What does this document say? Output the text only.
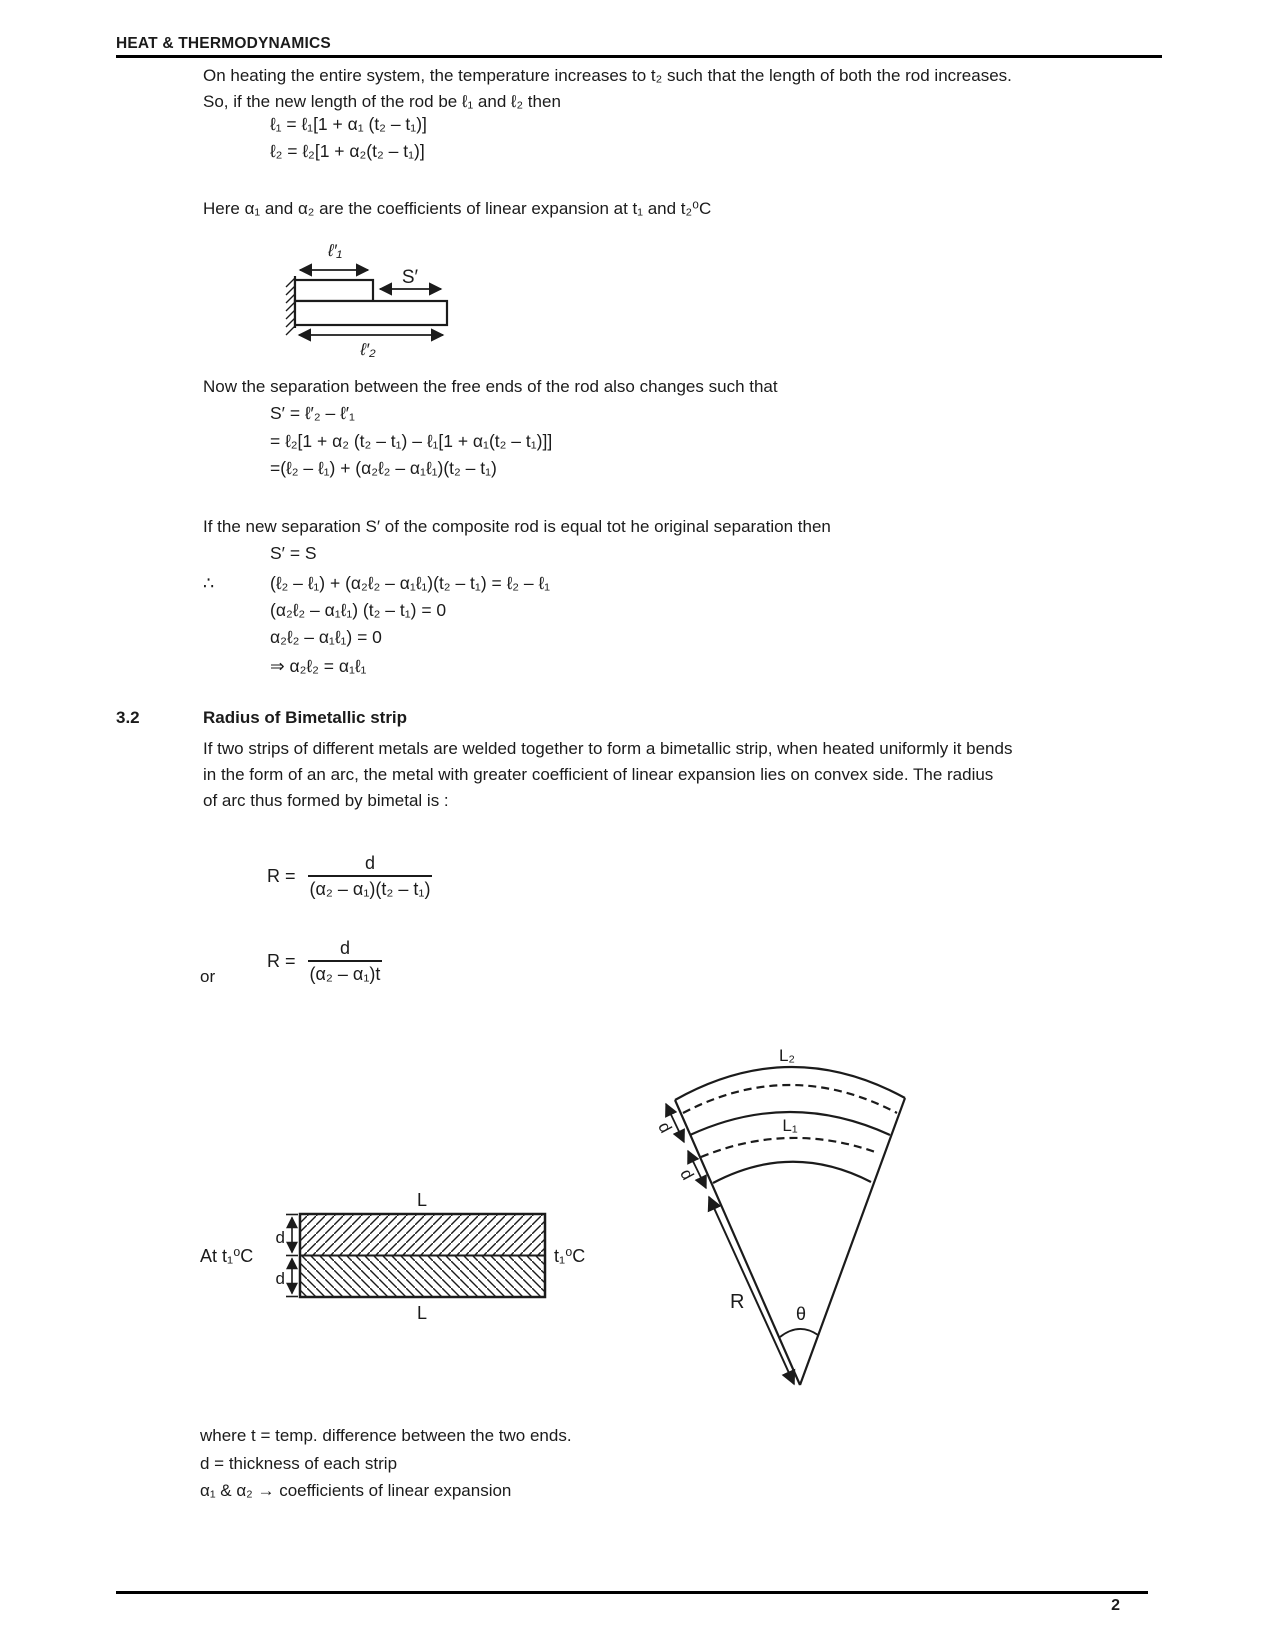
HEAT & THERMODYNAMICS
On heating the entire system, the temperature increases to t₂ such that the length of both the rod increases.
So, if the new length of the rod be ℓ₁ and ℓ₂ then
ℓ₁ = ℓ₁[1 + α₁ (t₂ – t₁)]
ℓ₂ = ℓ₂[1 + α₂(t₂ – t₁)]
Here α₁ and α₂ are the coefficients of linear expansion at t₁ and t₂⁰C
ℓ′₁
S′
ℓ′₂
Now the separation between the free ends of the rod also changes such that
S′ = ℓ′₂ – ℓ′₁
= ℓ₂[1 + α₂ (t₂ – t₁) – ℓ₁[1 + α₁(t₂ – t₁)]]
=(ℓ₂ – ℓ₁) + (α₂ℓ₂ – α₁ℓ₁)(t₂ – t₁)
If the new separation S′ of the composite rod is equal tot he original separation then
S′ = S
∴	(ℓ₂ – ℓ₁) + (α₂ℓ₂ – α₁ℓ₁)(t₂ – t₁) = ℓ₂ – ℓ₁
(α₂ℓ₂ – α₁ℓ₁) (t₂ – t₁) = 0
α₂ℓ₂ – α₁ℓ₁) = 0
⇒ α₂ℓ₂ = α₁ℓ₁
3.2	Radius of Bimetallic strip
If two strips of different metals are welded together to form a bimetallic strip, when heated uniformly it bends
in the form of an arc, the metal with greater coefficient of linear expansion lies on convex side. The radius
of arc thus formed by bimetal is :
$R = \frac{d}{\text{(α₂ – α₁)(t₂ – t₁)}}$
or
$R = \frac{d}{\text{(α₂ – α₁)t}}$
L₂
L₁
d
d
R
θ
L
L
At t₁⁰C	t₁⁰C
d
d
where t = temp. difference between the two ends.
d = thickness of each strip
α₁ & α₂ → coefficients of linear expansion
2
